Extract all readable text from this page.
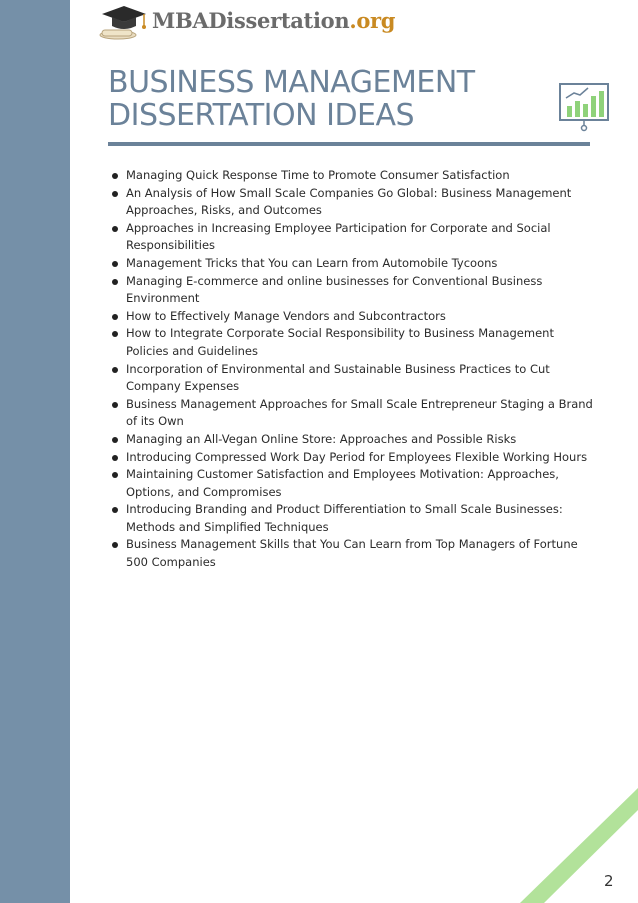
MBADissertation.org
BUSINESS MANAGEMENT
DISSERTATION IDEAS
Managing Quick Response Time to Promote Consumer Satisfaction
An Analysis of How Small Scale Companies Go Global: Business Management Approaches, Risks, and Outcomes
Approaches in Increasing Employee Participation for Corporate and Social Responsibilities
Management Tricks that You can Learn from Automobile Tycoons
Managing E-commerce and online businesses for Conventional Business Environment
How to Effectively Manage Vendors and Subcontractors
How to Integrate Corporate Social Responsibility to Business Management Policies and Guidelines
Incorporation of Environmental and Sustainable Business Practices to Cut Company Expenses
Business Management Approaches for Small Scale Entrepreneur Staging a Brand of its Own
Managing an All-Vegan Online Store: Approaches and Possible Risks
Introducing Compressed Work Day Period for Employees Flexible Working Hours
Maintaining Customer Satisfaction and Employees Motivation: Approaches, Options, and Compromises
Introducing Branding and Product Differentiation to Small Scale Businesses: Methods and Simplified Techniques
Business Management Skills that You Can Learn from Top Managers of Fortune 500 Companies
2
